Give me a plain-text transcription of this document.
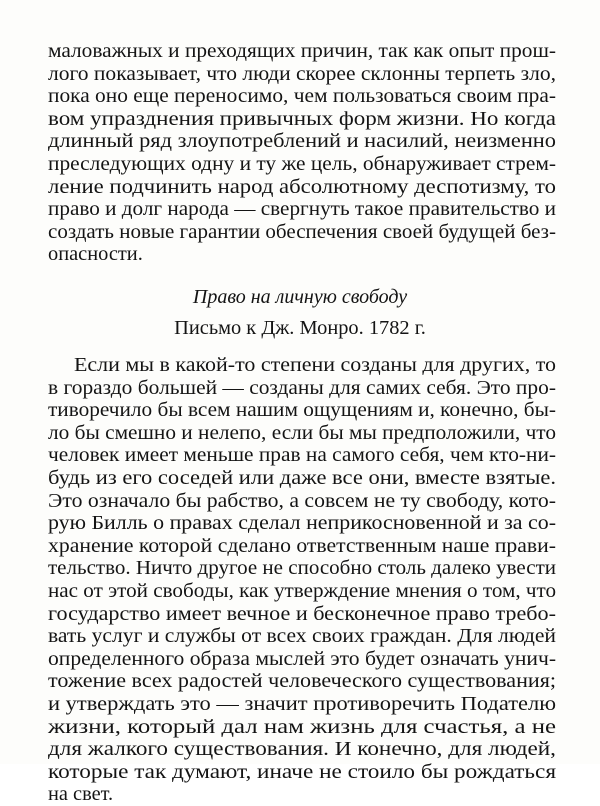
маловажных и преходящих причин, так как опыт прош-
лого показывает, что люди скорее склонны терпеть зло,
пока оно еще переносимо, чем пользоваться своим пра-
вом упразднения привычных форм жизни. Но когда
длинный ряд злоупотреблений и насилий, неизменно
преследующих одну и ту же цель, обнаруживает стрем-
ление подчинить народ абсолютному деспотизму, то
право и долг народа — свергнуть такое правительство и
создать новые гарантии обеспечения своей будущей без-
опасности.
Право на личную свободу
Письмо к Дж. Монро. 1782 г.
Если мы в какой-то степени созданы для других, то
в гораздо большей — созданы для самих себя. Это про-
тиворечило бы всем нашим ощущениям и, конечно, бы-
ло бы смешно и нелепо, если бы мы предположили, что
человек имеет меньше прав на самого себя, чем кто-ни-
будь из его соседей или даже все они, вместе взятые.
Это означало бы рабство, а совсем не ту свободу, кото-
рую Билль о правах сделал неприкосновенной и за со-
хранение которой сделано ответственным наше прави-
тельство. Ничто другое не способно столь далеко увести
нас от этой свободы, как утверждение мнения о том, что
государство имеет вечное и бесконечное право требо-
вать услуг и службы от всех своих граждан. Для людей
определенного образа мыслей это будет означать унич-
тожение всех радостей человеческого существования;
и утверждать это — значит противоречить Подателю
жизни, который дал нам жизнь для счастья, а не
для жалкого существования. И конечно, для людей,
которые так думают, иначе не стоило бы рождаться
на свет.
